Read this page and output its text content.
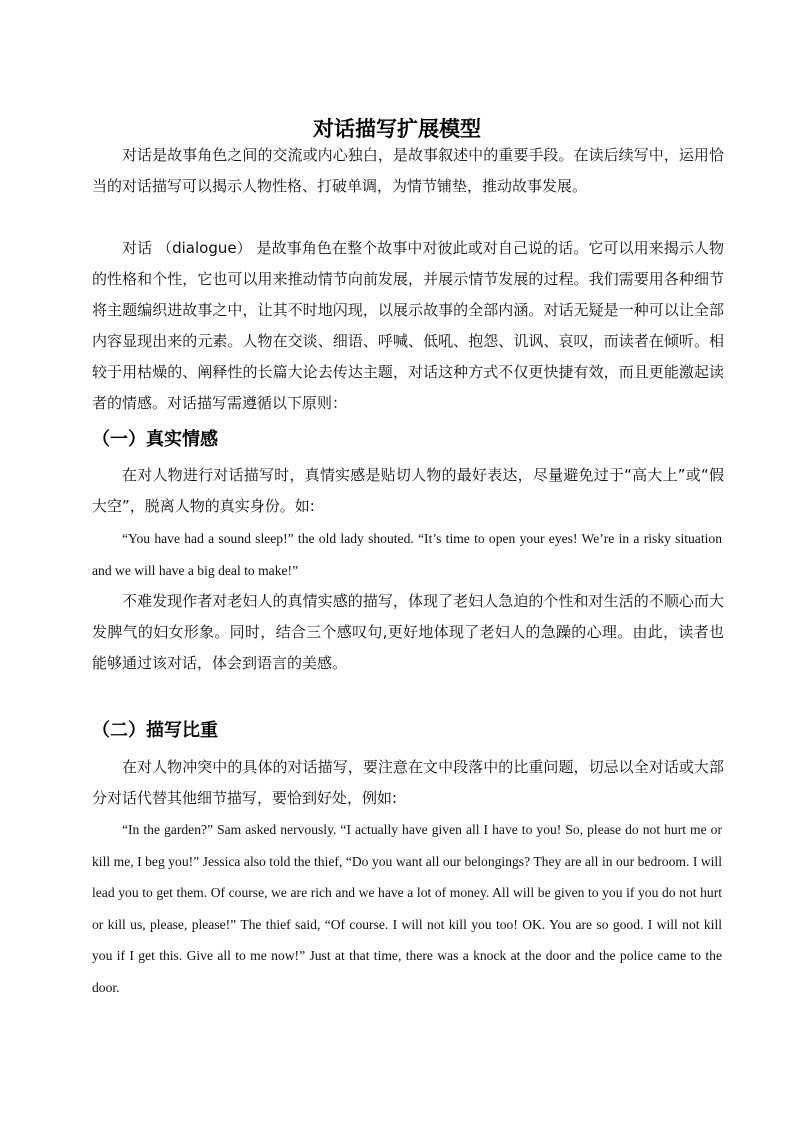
对话描写扩展模型

对话是故事角色之间的交流或内心独白，是故事叙述中的重要手段。在读后续写中，运用恰当的对话描写可以揭示人物性格、打破单调，为情节铺垫，推动故事发展。

对话 （dialogue） 是故事角色在整个故事中对彼此或对自己说的话。它可以用来揭示人物的性格和个性，它也可以用来推动情节向前发展，并展示情节发展的过程。我们需要用各种细节将主题编织进故事之中，让其不时地闪现，以展示故事的全部内涵。对话无疑是一种可以让全部内容显现出来的元素。人物在交谈、细语、呼喊、低吼、抱怨、讥讽、哀叹，而读者在倾听。相较于用枯燥的、阐释性的长篇大论去传达主题，对话这种方式不仅更快捷有效，而且更能激起读者的情感。对话描写需遵循以下原则：

（一）真实情感

在对人物进行对话描写时，真情实感是贴切人物的最好表达，尽量避免过于“高大上”或“假大空”，脱离人物的真实身份。如:

“You have had a sound sleep!” the old lady shouted. “It’s time to open your eyes! We’re in a risky situation and we will have a big deal to make!”

不难发现作者对老妇人的真情实感的描写，体现了老妇人急迫的个性和对生活的不顺心而大发脾气的妇女形象。同时，结合三个感叹句,更好地体现了老妇人的急躁的心理。由此，读者也能够通过该对话，体会到语言的美感。

（二）描写比重

在对人物冲突中的具体的对话描写，要注意在文中段落中的比重问题，切忌以全对话或大部分对话代替其他细节描写，要恰到好处，例如:

“In the garden?” Sam asked nervously. “I actually have given all I have to you! So, please do not hurt me or kill me, I beg you!” Jessica also told the thief, “Do you want all our belongings? They are all in our bedroom. I will lead you to get them. Of course, we are rich and we have a lot of money. All will be given to you if you do not hurt or kill us, please, please!” The thief said, “Of course. I will not kill you too! OK. You are so good. I will not kill you if I get this. Give all to me now!” Just at that time, there was a knock at the door and the police came to the door.
